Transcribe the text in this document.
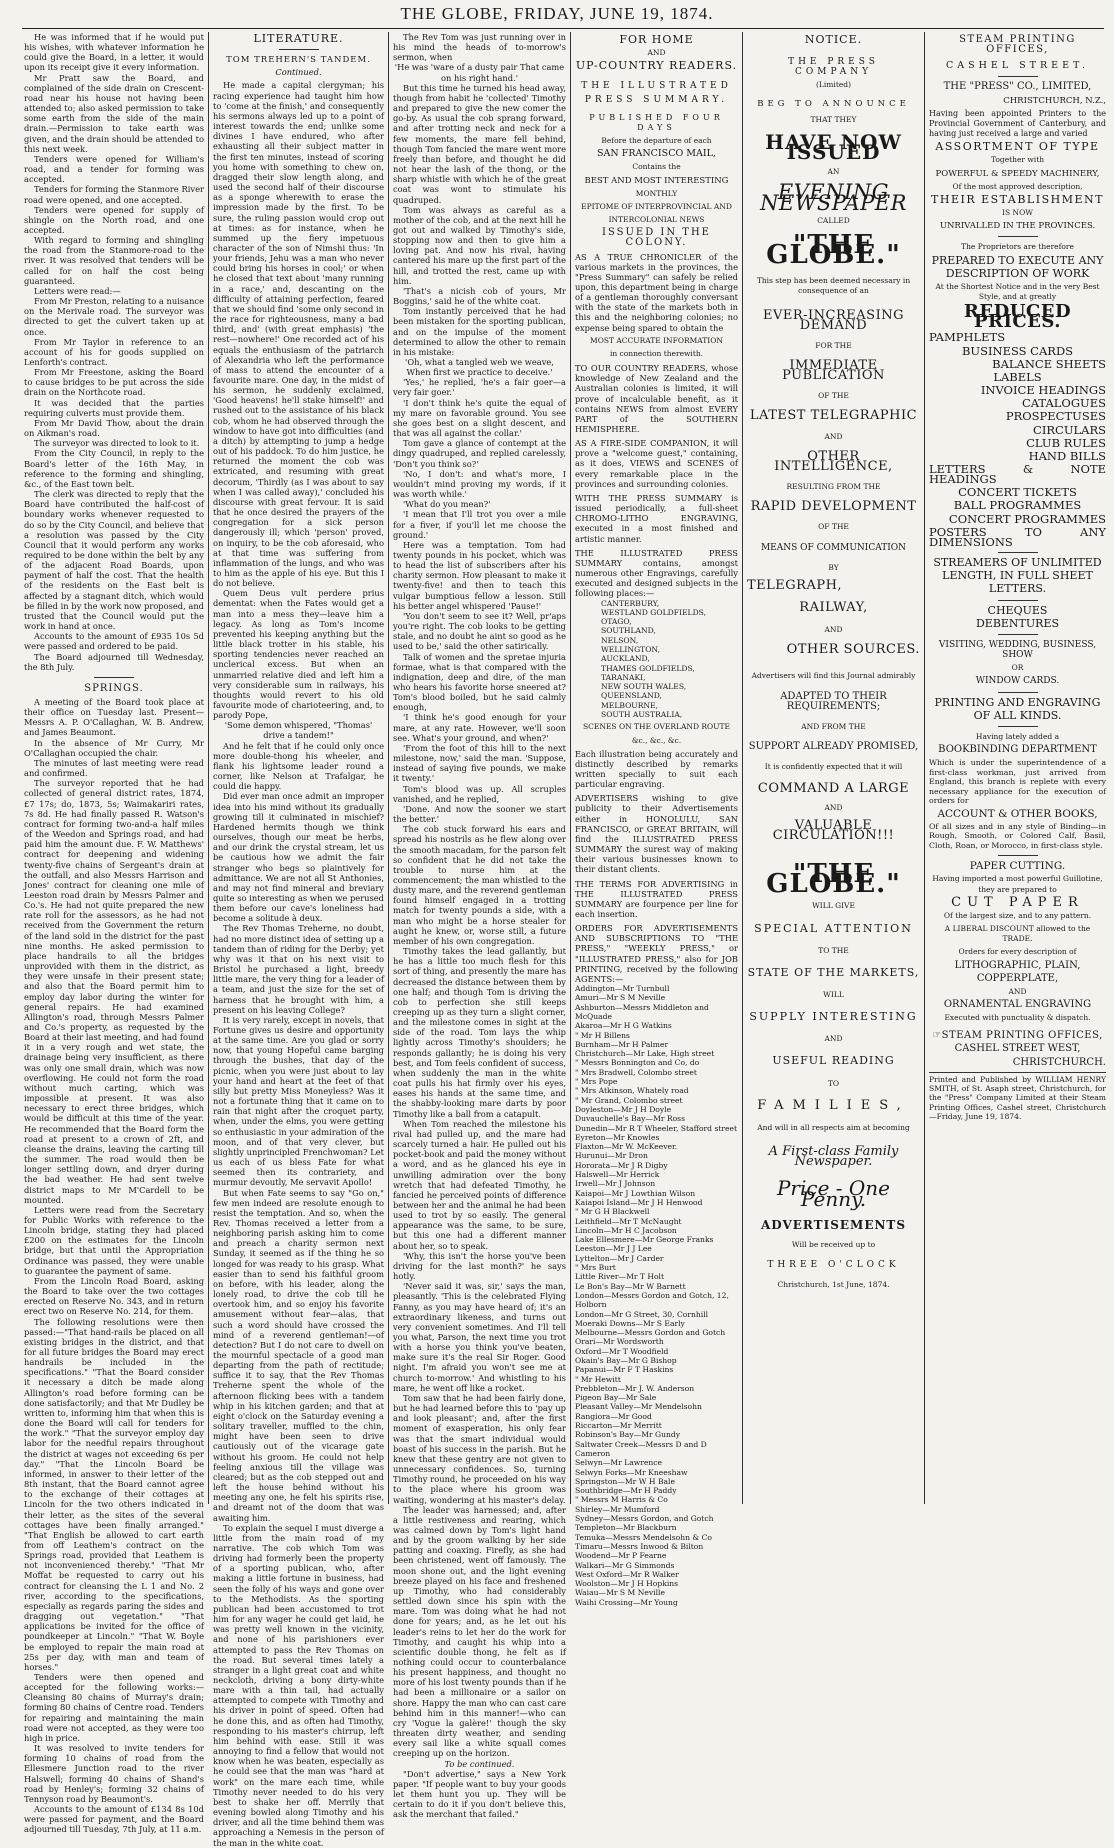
THE GLOBE, FRIDAY, JUNE 19, 1874.

He was informed that if he would put his wishes, with whatever information he could give the Board, in a letter, it would upon its receipt give it every information.

Mr Pratt saw the Board, and complained of the side drain on Crescent-road near his house not having been attended to; also asked permission to take some earth from the side of the main drain.—Permission to take earth was given, and the drain should be attended to this next week.

Tenders were opened for William's road, and a tender for forming was accepted.

Tenders for forming the Stanmore River road were opened, and one accepted.

Tenders were opened for supply of shingle on the North road, and one accepted.

With regard to forming and shingling the road from the Stanmore-road to the river. It was resolved that tenders will be called for on half the cost being guaranteed.

Letters were read:—

From Mr Preston, relating to a nuisance on the Merivale road. The surveyor was directed to get the culvert taken up at once.

From Mr Taylor in reference to an account of his for goods supplied on Lenforth's contract.

From Mr Freestone, asking the Board to cause bridges to be put across the side drain on the Northcote road.

It was decided that the parties requiring culverts must provide them.

From Mr David Thow, about the drain on Aikman's road.

The surveyor was directed to look to it.

From the City Council, in reply to the Board's letter of the 16th May, in reference to the forming and shingling, &c., of the East town belt.

The clerk was directed to reply that the Board have contributed the half-cost of boundary works whenever requested to do so by the City Council, and believe that a resolution was passed by the City Council that it would perform any works required to be done within the belt by any of the adjacent Road Boards, upon payment of half the cost. That the health of the residents on the East belt is affected by a stagnant ditch, which would be filled in by the work now proposed, and trusted that the Council would put the work in hand at once.

Accounts to the amount of £935 10s 5d were passed and ordered to be paid.

The Board adjourned till Wednesday, the 8th July.

SPRINGS.

A meeting of the Board took place at their office on Tuesday last. Present—Messrs A. P. O'Callaghan, W. B. Andrew, and James Beaumont.

In the absence of Mr Curry, Mr O'Callaghan occupied the chair.

The minutes of last meeting were read and confirmed.

The surveyor reported that he had collected of general district rates, 1874, £7 17s; do, 1873, 5s; Waimakariri rates, 7s 8d. He had finally passed R. Watson's contract for forming two-and-a half miles of the Weedon and Springs road, and had paid him the amount due. F. W. Matthews' contract for deepening and widening twenty-five chains of Sergeant's drain at the outfall, and also Messrs Harrison and Jones' contract for cleaning one mile of Leeston road drain by Messrs Palmer and Co.'s. He had not quite prepared the new rate roll for the assessors, as he had not received from the Government the return of the land sold in the district for the past nine months. He asked permission to place handrails to all the bridges unprovided with them in the district, as they were unsafe in their present state; and also that the Board permit him to employ day labor during the winter for general repairs. He had examined Allington's road, through Messrs Palmer and Co.'s property, as requested by the Board at their last meeting, and had found it in a very rough and wet state, the drainage being very insufficient, as there was only one small drain, which was now overflowing. He could not form the road without much carting, which was impossible at present. It was also necessary to erect three bridges, which would be difficult at this time of the year. He recommended that the Board form the road at present to a crown of 2ft, and cleanse the drains, leaving the carting till the summer. The road would then be longer settling down, and dryer during the bad weather. He had sent twelve district maps to Mr M'Cardell to be mounted.

Letters were read from the Secretary for Public Works with reference to the Lincoln bridge, stating they had placed £200 on the estimates for the Lincoln bridge, but that until the Appropriation Ordinance was passed, they were unable to guarantee the payment of same.

From the Lincoln Road Board, asking the Board to take over the two cottages erected on Reserve No. 343, and in return erect two on Reserve No. 214, for them.

The following resolutions were then passed:—"That hand-rails be placed on all existing bridges in the district, and that for all future bridges the Board may erect handrails be included in the specifications." "That the Board consider it necessary a ditch be made along Allington's road before forming can be done satisfactorily; and that Mr Dudley be written to, informing him that when this is done the Board will call for tenders for the work." "That the surveyor employ day labor for the needful repairs throughout the district at wages not exceeding 6s per day." "That the Lincoln Board be informed, in answer to their letter of the 8th instant, that the Board cannot agree to the exchange of their cottages at Lincoln for the two others indicated in their letter, as the sites of the several cottages have been finally arranged." "That English be allowed to cart earth from off Leathem's contract on the Springs road, provided that Leathem is not inconvenienced thereby." "That Mr Moffat be requested to carry out his contract for cleansing the L 1 and No. 2 river, according to the specifications, especially as regards paring the sides and dragging out vegetation." "That applications be invited for the office of poundkeeper at Lincoln." "That W. Boyle be employed to repair the main road at 25s per day, with man and team of horses."

Tenders were then opened and accepted for the following works:—Cleansing 80 chains of Murray's drain; forming 80 chains of Centre road. Tenders for repairing and maintaining the main road were not accepted, as they were too high in price.

It was resolved to invite tenders for forming 10 chains of road from the Ellesmere Junction road to the river Halswell; forming 40 chains of Shand's road by Henley's; forming 32 chains of Tennyson road by Beaumont's.

Accounts to the amount of £134 8s 10d were passed for payment, and the Board adjourned till Tuesday, 7th July, at 11 a.m.

LITERATURE.
TOM TREHERN'S TANDEM.
Continued.

He made a capital clergyman; his racing experience had taught him how to 'come at the finish,' and consequently his sermons always led up to a point of interest towards the end; unlike some divines I have endured, who after exhausting all their subject matter in the first ten minutes, instead of scoring you home with something to chew on, dragged their slow length along, and used the second half of their discourse as a sponge wherewith to erase the impression made by the first. To be sure, the ruling passion would crop out at times: as for instance, when he summed up the fiery impetuous character of the son of Nimshi thus: 'In your friends, Jehu was a man who never could bring his horses in cool;' or when he closed that text about 'many running in a race,' and, descanting on the difficulty of attaining perfection, feared that we should find 'some only second in the race for righteousness, many a bad third, and' (with great emphasis) 'the rest—nowhere!' One recorded act of his equals the enthusiasm of the patriarch of Alexandria who left the performance of mass to attend the encounter of a favourite mare. One day, in the midst of his sermon, he suddenly exclaimed, 'Good heavens! he'll stake himself!' and rushed out to the assistance of his black cob, whom he had observed through the window to have got into difficulties (and a ditch) by attempting to jump a hedge out of his paddock. To do him justice, he returned the moment the cob was extricated, and resuming with great decorum, 'Thirdly (as I was about to say when I was called away),' concluded his discourse with great fervour. It is said that he once desired the prayers of the congregation for a sick person dangerously ill; which 'person' proved, on inquiry, to be the cob aforesaid, who at that time was suffering from inflammation of the lungs, and who was to him as the apple of his eye. But this I do not believe.

Quem Deus vult perdere prius dementat: when the Fates would get a man into a mess they—leave him a legacy. As long as Tom's income prevented his keeping anything but the little black trotter in his stable, his sporting tendencies never reached an unclerical excess. But when an unmarried relative died and left him a very considerable sum in railways, his thoughts would revert to his old favourite mode of charioteering, and, to parody Pope,

'Some demon whispered, "Thomas' drive a tandem!"

And he felt that if he could only once more double-thong his wheeler, and flank his lightsome leader round a corner, like Nelson at Trafalgar, he could die happy.

Did ever man once admit an improper idea into his mind without its gradually growing till it culminated in mischief? Hardened hermits though we think ourselves, though our meat be herbs, and our drink the crystal stream, let us be cautious how we admit the fair stranger who begs so plaintively for admittance. We are not all St Anthonies, and may not find mineral and breviary quite so interesting as when we perused them before our cave's loneliness had become a solitude à deux.

The Rev Thomas Treherne, no doubt, had no more distinct idea of setting up a tandem than of riding for the Derby; yet why was it that on his next visit to Bristol he purchased a light, breedy little mare, the very thing for a leader of a team, and just the size for the set of harness that he brought with him, a present on his leaving College?

It is very rarely, except in novels, that Fortune gives us desire and opportunity at the same time. Are you glad or sorry now, that young Hopeful came barging through the bushes, that day of the picnic, when you were just about to lay your hand and heart at the feet of that silly but pretty Miss Moneyless? Was it not a fortunate thing that it came on to rain that night after the croquet party, when, under the elms, you were getting so enthusiastic in your admiration of the moon, and of that very clever, but slightly unprincipled Frenchwoman? Let us each of us bless Fate for what seemed then its contrariety, and murmur devoutly, Me servavit Apollo!

But when Fate seems to say "Go on," few men indeed are resolute enough to resist the temptation. And so, when the Rev. Thomas received a letter from a neighboring parish asking him to come and preach a charity sermon next Sunday, it seemed as if the thing he so longed for was ready to his grasp. What easier than to send his faithful groom on before, with his leader, along the lonely road, to drive the cob till he overtook him, and so enjoy his favorite amusement without fear—alas, that such a word should have crossed the mind of a reverend gentleman!—of detection? But I do not care to dwell on the mournful spectacle of a good man departing from the path of rectitude; suffice it to say, that the Rev Thomas Treherne spent the whole of the afternoon flicking bees with a tandem whip in his kitchen garden; and that at eight o'clock on the Saturday evening a solitary traveller, muffled to the chin, might have been seen to drive cautiously out of the vicarage gate without his groom. He could not help feeling anxious till the village was cleared; but as the cob stepped out and left the house behind without his meeting any one, he felt his spirits rise, and dreamt not of the doom that was awaiting him.

To explain the sequel I must diverge a little from the main road of my narrative. The cob which Tom was driving had formerly been the property of a sporting publican, who, after making a little fortune in business, had seen the folly of his ways and gone over to the Methodists. As the sporting publican had been accustomed to trot him for any wager he could get laid, he was pretty well known in the vicinity, and none of his parishioners ever attempted to pass the Rev Thomas on the road. But several times lately a stranger in a light great coat and white neckcloth, driving a bony dirty-white mare with a thin tail, had actually attempted to compete with Timothy and his driver in point of speed. Often had he done this, and as often had Timothy, responding to his master's chirrup, left him behind with ease. Still it was annoying to find a fellow that would not know when he was beaten, especially as he could see that the man was "hard at work" on the mare each time, while Timothy never needed to do his very best to shake her off. Merrily that evening bowled along Timothy and his driver, and all the time behind them was approaching a Nemesis in the person of the man in the white coat.

The Rev Tom was just running over in his mind the heads of to-morrow's sermon, when

'He was 'ware of a dusty pair That came on his right hand.'

But this time he turned his head away, though from habit he 'collected' Timothy and prepared to give the new comer the go-by. As usual the cob sprang forward, and after trotting neck and neck for a few moments, the mare fell behind, though Tom fancied the mare went more freely than before, and thought he did not hear the lash of the thong, or the sharp whistle with which he of the great coat was wont to stimulate his quadruped.

Tom was always as careful as a mother of the cob, and at the next hill he got out and walked by Timothy's side, stopping now and then to give him a loving pat. And now his rival, having cantered his mare up the first part of the hill, and trotted the rest, came up with him.

'That's a nicish cob of yours, Mr Boggins,' said he of the white coat.

Tom instantly perceived that he had been mistaken for the sporting publican, and on the impulse of the moment determined to allow the other to remain in his mistake:

'Oh, what a tangled web we weave, When first we practice to deceive.'

'Yes,' he replied, 'he's a fair goer—a very fair goer.'

'I don't think he's quite the equal of my mare on favorable ground. You see she goes best on a slight descent, and that was all against the collar.'

Tom gave a glance of contempt at the dingy quadruped, and replied carelessly, 'Don't you think so?'

'No, I don't: and what's more, I wouldn't mind proving my words, if it was worth while.'

'What do you mean?'

'I mean that I'll trot you over a mile for a fiver, if you'll let me choose the ground.'

Here was a temptation. Tom had twenty pounds in his pocket, which was to head the list of subscribers after his charity sermon. How pleasant to make it twenty-five! and then to teach this vulgar bumptious fellow a lesson. Still his better angel whispered 'Pause!'

'You don't seem to see it? Well, pr'aps you're right. The cob looks to be getting stale, and no doubt he aint so good as he used to be,' said the other satirically.

Talk of women and the spretae injuria formae, what is that compared with the indignation, deep and dire, of the man who hears his favorite horse sneered at? Tom's blood boiled, but he said calmly enough,

'I think he's good enough for your mare, at any rate. However, we'll soon see. What's your ground, and when?'

'From the foot of this hill to the next milestone, now,' said the man. 'Suppose, instead of saying five pounds, we make it twenty.'

Tom's blood was up. All scruples vanished, and he replied,

'Done. And now the sooner we start the better.'

The cob stuck forward his ears and spread his nostrils as he flew along over the smooth macadam, for the parson felt so confident that he did not take the trouble to nurse him at the commencement; the man whistled to the dusty mare, and the reverend gentleman found himself engaged in a trotting match for twenty pounds a side, with a man who might be a horse stealer for aught he knew, or, worse still, a future member of his own congregation.

Timothy takes the lead gallantly, but he has a little too much flesh for this sort of thing, and presently the mare has decreased the distance between them by one half; and though Tom is driving the cob to perfection she still keeps creeping up as they turn a slight corner, and the milestone comes in sight at the side of the road. Tom lays the whip lightly across Timothy's shoulders; he responds gallantly; he is doing his very best, and Tom feels confident of success, when suddenly the man in the white coat pulls his hat firmly over his eyes, eases his hands at the same time, and the shabby-looking mare darts by poor Timothy like a ball from a catapult.

When Tom reached the milestone his rival had pulled up, and the mare had scarcely turned a hair. He pulled out his pocket-book and paid the money without a word, and as he glanced his eye in unwilling admiration over the bony wretch that had defeated Timothy, he fancied he perceived points of difference between her and the animal he had been used to trot by so easily. The general appearance was the same, to be sure, but this one had a different manner about her, so to speak.

'Why, this isn't the horse you've been driving for the last month?' he says hotly.

'Never said it was, sir,' says the man, pleasantly. 'This is the celebrated Flying Fanny, as you may have heard of; it's an extraordinary likeness, and turns out very convenient sometimes. And I'll tell you what, Parson, the next time you trot with a horse you think you've beaten, make sure it's the real Sir Roger. Good night. I'm afraid you won't see me at church to-morrow.' And whistling to his mare, he went off like a rocket.

Tom saw that he had been fairly done, but he had learned before this to 'pay up and look pleasant'; and, after the first moment of exasperation, his only fear was that the smart individual would boast of his success in the parish. But he knew that these gentry are not given to unnecessary confidences. So, turning Timothy round, he proceeded on his way to the place where his groom was waiting, wondering at his master's delay.

The leader was harnessed; and, after a little restiveness and rearing, which was calmed down by Tom's light hand and by the groom walking by her side patting and coaxing. Firefly, as she had been christened, went off famously. The moon shone out, and the light evening breeze played on his face and freshened up Timothy, who had considerably settled down since his spin with the mare. Tom was doing what he had not done for years; and, as he let out his leader's reins to let her do the work for Timothy, and caught his whip into a scientific double thong, he felt as if nothing could occur to counterbalance his present happiness, and thought no more of his lost twenty pounds than if he had been a millionaire or a sailor on shore. Happy the man who can cast care behind him in this manner!—who can cry 'Vogue la galère!' though the sky threaten dirty weather, and sending every sail like a white squall comes creeping up on the horizon.

To be continued.

"Don't advertise," says a New York paper. "If people want to buy your goods let them hunt you up. They will be certain to do it if you don't believe this, ask the merchant that failed."

FOR HOME
AND
UP-COUNTRY READERS.
THE ILLUSTRATED
PRESS SUMMARY.
PUBLISHED FOUR DAYS
Before the departure of each
SAN FRANCISCO MAIL,
Contains the
BEST AND MOST INTERESTING
MONTHLY
EPITOME OF INTERPROVINCIAL AND
INTERCOLONIAL NEWS
ISSUED IN THE COLONY.

AS A TRUE CHRONICLER of the various markets in the provinces, the "Press Summary" can safely be relied upon, this department being in charge of a gentleman thoroughly conversant with the state of the markets both in this and the neighboring colonies; no expense being spared to obtain the

MOST ACCURATE INFORMATION
in connection therewith.

TO OUR COUNTRY READERS, whose knowledge of New Zealand and the Australian colonies is limited, it will prove of incalculable benefit, as it contains NEWS from almost EVERY PART of the SOUTHERN HEMISPHERE.

AS A FIRE-SIDE COMPANION, it will prove a "welcome guest," containing, as it does, VIEWS and SCENES of every remarkable place in the provinces and surrounding colonies.

WITH THE PRESS SUMMARY is issued periodically, a full-sheet CHROMO-LITHO ENGRAVING, executed in a most finished and artistic manner.

THE ILLUSTRATED PRESS SUMMARY contains, amongst numerous other Engravings, carefully executed and designed subjects in the following places:—

CANTERBURY,

WESTLAND GOLDFIELDS,

OTAGO,

SOUTHLAND,

NELSON,

WELLINGTON,

AUCKLAND,

THAMES GOLDFIELDS,

TARANAKI,

NEW SOUTH WALES,

QUEENSLAND,

MELBOURNE,

SOUTH AUSTRALIA,

SCENES ON THE OVERLAND ROUTE
&c., &c., &c.

Each illustration being accurately and distinctly described by remarks written specially to suit each particular engraving.

ADVERTISERS wishing to give publicity to their Advertisements either in HONOLULU, SAN FRANCISCO, or GREAT BRITAIN, will find the ILLUSTRATED PRESS SUMMARY the surest way of making their various businesses known to their distant clients.

THE TERMS FOR ADVERTISING in THE ILLUSTRATED PRESS SUMMARY are fourpence per line for each insertion.

ORDERS FOR ADVERTISEMENTS AND SUBSCRIPTIONS TO "THE PRESS," "WEEKLY PRESS," or "ILLUSTRATED PRESS," also for JOB PRINTING, received by the following AGENTS:—

Addington—Mr Turnbull

Amuri—Mr S M Neville

Ashburton—Messrs Middleton and McQuade

Akaroa—Mr H G Watkins

" Mr H Billens

Burnham—Mr H Palmer

Christchurch—Mr Lake, High street

" Messrs Bonnington and Co, do

" Mrs Bradwell, Colombo street

" Mrs Pope

" Mrs Atkinson, Whately road

" Mr Grand, Colombo street

Doyleston—Mr J H Doyle

Duvauchelle's Bay—Mr Ross

Dunedin—Mr R T Wheeler, Stafford street

Eyreton—Mr Knowles

Flaxton—Mr W. McKeever.

Hurunui—Mr Dron

Hororata—Mr J R Digby

Halswell—Mr Herrick

Irwell—Mr J Johnson

Kaiapoi—Mr J Lowthian Wilson

Kaiapoi Island—Mr J H Henwood

" Mr G H Blackwell

Leithfield—Mr T McNaught

Lincoln—Mr H C Jacobson

Lake Ellesmere—Mr George Franks

Leeston—Mr J J Lee

Lyttelton—Mr J Carder

" Mrs Burt

Little River—Mr T Holt

Le Bon's Bay—Mr W Barnett

London—Messrs Gordon and Gotch, 12, Holborn

London—Mr G Street, 30, Cornhill

Moeraki Downs—Mr S Early

Melbourne—Messrs Gordon and Gotch

Orari—Mr Wordsworth

Oxford—Mr T Woodfield

Okain's Bay—Mr G Bishop

Papanui—Mr F T Haskins

" Mr Hewitt

Prebbleton—Mr J. W. Anderson

Pigeon Bay—Mr Sale

Pleasant Valley—Mr Mendelsohn

Rangiora—Mr Good

Riccarton—Mr Merritt

Robinson's Bay—Mr Gundy

Saltwater Creek—Messrs D and D Cameron

Selwyn—Mr Lawrence

Selwyn Forks—Mr Kneeshaw

Springston—Mr W H Bale

Southbridge—Mr H Paddy

" Messrs M Harris & Co

Shirley—Mr Mumford

Sydney—Messrs Gordon, and Gotch

Templeton—Mr Blackburn

Temuka—Messrs Mendelsohn & Co

Timaru—Messrs Inwood & Bilton

Woodend—Mr P Fearne

Walkari—Mr G Simmonds

West Oxford—Mr R Walker

Woolston—Mr J H Hopkins

Waiau—Mr S M Neville

Waihi Crossing—Mr Young

NOTICE.
THE PRESS COMPANY
(Limited)
BEG TO ANNOUNCE
THAT THEY
HAVE NOW ISSUED
AN
EVENING NEWSPAPER
CALLED
"THE GLOBE."
This step has been deemed necessary in consequence of an
EVER-INCREASING DEMAND
FOR THE
IMMEDIATE PUBLICATION
OF THE
LATEST TELEGRAPHIC
AND
OTHER INTELLIGENCE,
RESULTING FROM THE
RAPID DEVELOPMENT
OF THE
MEANS OF COMMUNICATION
BY
TELEGRAPH,
RAILWAY,
AND
OTHER SOURCES.
Advertisers will find this Journal admirably
ADAPTED TO THEIR REQUIREMENTS;
AND FROM THE
SUPPORT ALREADY PROMISED,
It is confidently expected that it will
COMMAND A LARGE
AND
VALUABLE CIRCULATION!!!
"THE GLOBE."
WILL GIVE
SPECIAL ATTENTION
TO THE
STATE OF THE MARKETS,
WILL
SUPPLY INTERESTING
AND
USEFUL READING
TO
FAMILIES,
And will in all respects aim at becoming
A First-class Family Newspaper.
Price - One Penny.
ADVERTISEMENTS
Will be received up to
THREE O'CLOCK
Christchurch, 1st June, 1874.
STEAM PRINTING OFFICES,
CASHEL STREET.
THE "PRESS" CO., LIMITED,
CHRISTCHURCH, N.Z.,

Having been appointed Printers to the Provincial Government of Canterbury, and having just received a large and varied

ASSORTMENT OF TYPE
Together with
POWERFUL & SPEEDY MACHINERY,
Of the most approved description,
THEIR ESTABLISHMENT
IS NOW
UNRIVALLED IN THE PROVINCES.
The Proprietors are therefore
PREPARED TO EXECUTE ANY
DESCRIPTION OF WORK
At the Shortest Notice and in the very Best Style, and at greatly
REDUCED PRICES.
PAMPHLETS
BUSINESS CARDS
BALANCE SHEETS
LABELS
INVOICE HEADINGS
CATALOGUES
PROSPECTUSES
CIRCULARS
CLUB RULES
HAND BILLS
LETTERS & NOTE HEADINGS
CONCERT TICKETS
BALL PROGRAMMES
CONCERT PROGRAMMES
POSTERS TO ANY DIMENSIONS
STREAMERS OF UNLIMITED
LENGTH, IN FULL SHEET
LETTERS.
CHEQUES
DEBENTURES
VISITING, WEDDING, BUSINESS, SHOW
OR
WINDOW CARDS.
PRINTING AND ENGRAVING
OF ALL KINDS.
Having lately added a
BOOKBINDING DEPARTMENT

Which is under the superintendence of a first-class workman, just arrived from England, this branch is replete with every necessary appliance for the execution of orders for

ACCOUNT & OTHER BOOKS,

Of all sizes and in any style of Binding—in Rough, Smooth, or Colored Calf, Basil, Cloth, Roan, or Morocco, in first-class style.

PAPER CUTTING.
Having imported a most powerful Guillotine, they are prepared to
CUT PAPER
Of the largest size, and to any pattern.
A LIBERAL DISCOUNT allowed to the TRADE.
Orders for every description of
LITHOGRAPHIC, PLAIN,
COPPERPLATE,
AND
ORNAMENTAL ENGRAVING
Executed with punctuality & dispatch.
☞STEAM PRINTING OFFICES,
CASHEL STREET WEST,
CHRISTCHURCH.

Printed and Published by WILLIAM HENRY SMITH, of St. Asaph street, Christchurch, for the "Press" Company Limited at their Steam Printing Offices, Cashel street, Christchurch—Friday, June 19, 1874.
